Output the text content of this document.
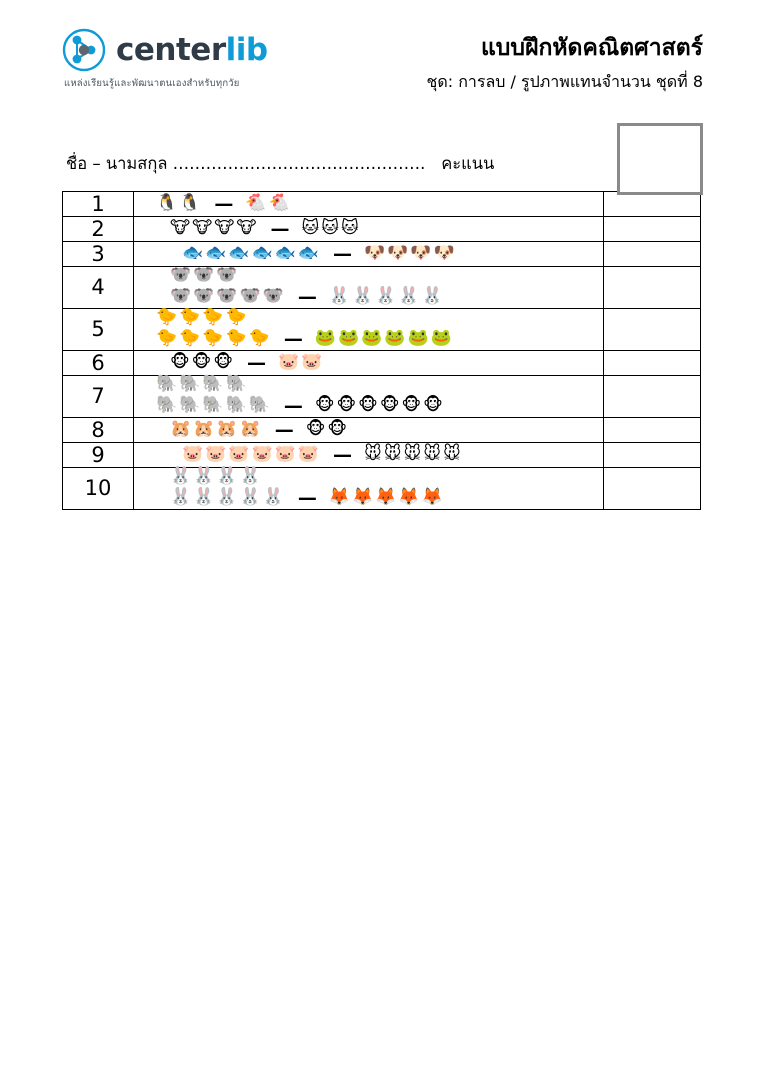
centerlib
แหล่งเรียนรู้และพัฒนาตนเองสำหรับทุกวัย
แบบฝึกหัดคณิตศาสตร์
ชุด: การลบ / รูปภาพแทนจำนวน ชุดที่ 8
ชื่อ – นามสกุล ………………………………………. คะแนน
1	🐧 🐧 — 🐔 🐔	

2	🐮 🐮 🐮 🐮 — 🐱 🐱 🐱

3	🐟 🐟 🐟 🐟 🐟 🐟 — 🐶 🐶 🐶 🐶

4	
🐨 🐨 🐨
🐨 🐨 🐨 🐨 🐨 — 🐰 🐰 🐰 🐰 🐰

5	
🐤 🐤 🐤 🐤
🐤 🐤 🐤 🐤 🐤 — 🐸 🐸 🐸 🐸 🐸 🐸

6	🐵 🐵 🐵 — 🐷 🐷

7	
🐘 🐘 🐘 🐘
🐘 🐘 🐘 🐘 🐘 — 🐵 🐵 🐵 🐵 🐵 🐵

8	🐹 🐹 🐹 🐹 — 🐵 🐵

9	🐷 🐷 🐷 🐷 🐷 🐷 — 🐭 🐭 🐭 🐭 🐭

10	
🐰 🐰 🐰 🐰
🐰 🐰 🐰 🐰 🐰 — 🦊 🦊 🦊 🦊 🦊
